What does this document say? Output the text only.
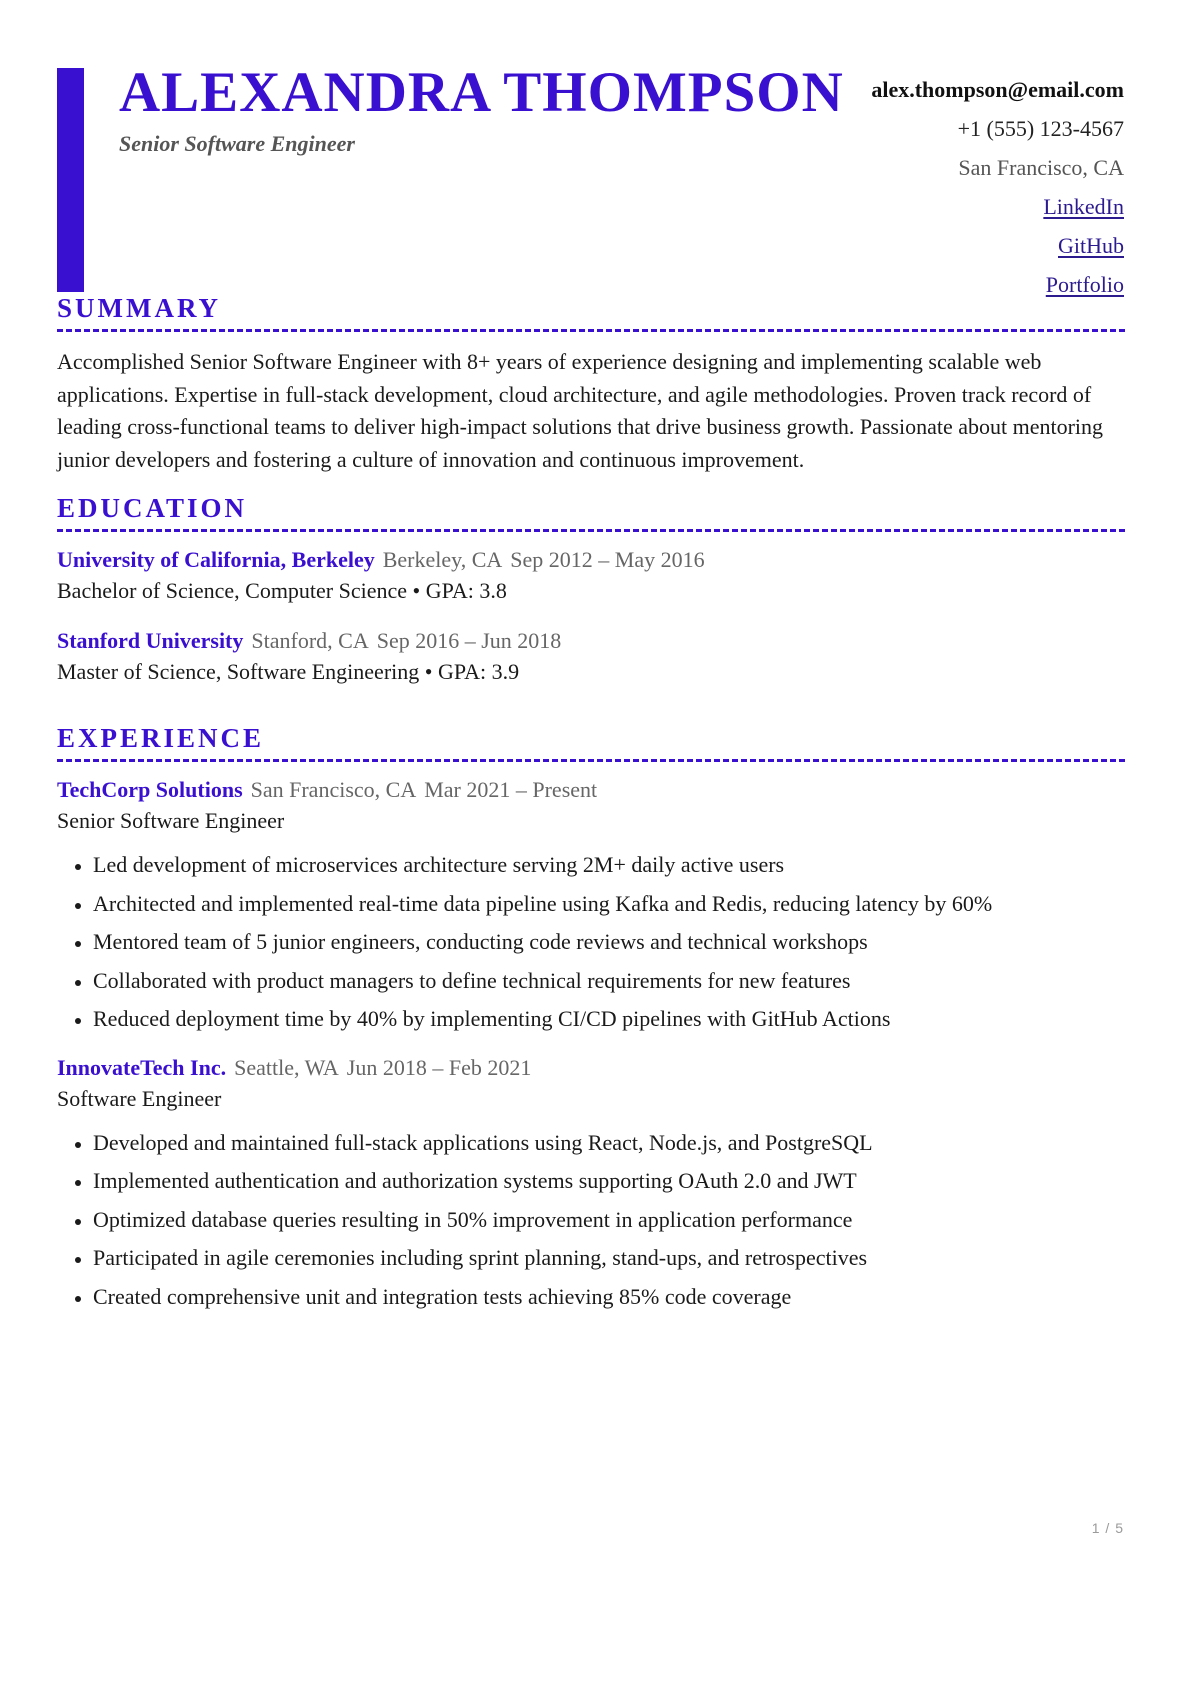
ALEXANDRA THOMPSON
Senior Software Engineer
alex.thompson@email.com
+1 (555) 123-4567
San Francisco, CA
LinkedIn
GitHub
Portfolio
SUMMARY
Accomplished Senior Software Engineer with 8+ years of experience designing and implementing scalable web applications. Expertise in full-stack development, cloud architecture, and agile methodologies. Proven track record of leading cross-functional teams to deliver high-impact solutions that drive business growth. Passionate about mentoring junior developers and fostering a culture of innovation and continuous improvement.
EDUCATION
University of California, Berkeley Berkeley, CA Sep 2012 – May 2016
Bachelor of Science, Computer Science • GPA: 3.8
Stanford University Stanford, CA Sep 2016 – Jun 2018
Master of Science, Software Engineering • GPA: 3.9
EXPERIENCE
TechCorp Solutions San Francisco, CA Mar 2021 – Present
Senior Software Engineer
• Led development of microservices architecture serving 2M+ daily active users
• Architected and implemented real-time data pipeline using Kafka and Redis, reducing latency by 60%
• Mentored team of 5 junior engineers, conducting code reviews and technical workshops
• Collaborated with product managers to define technical requirements for new features
• Reduced deployment time by 40% by implementing CI/CD pipelines with GitHub Actions
InnovateTech Inc. Seattle, WA Jun 2018 – Feb 2021
Software Engineer
• Developed and maintained full-stack applications using React, Node.js, and PostgreSQL
• Implemented authentication and authorization systems supporting OAuth 2.0 and JWT
• Optimized database queries resulting in 50% improvement in application performance
• Participated in agile ceremonies including sprint planning, stand-ups, and retrospectives
• Created comprehensive unit and integration tests achieving 85% code coverage
1 / 5
